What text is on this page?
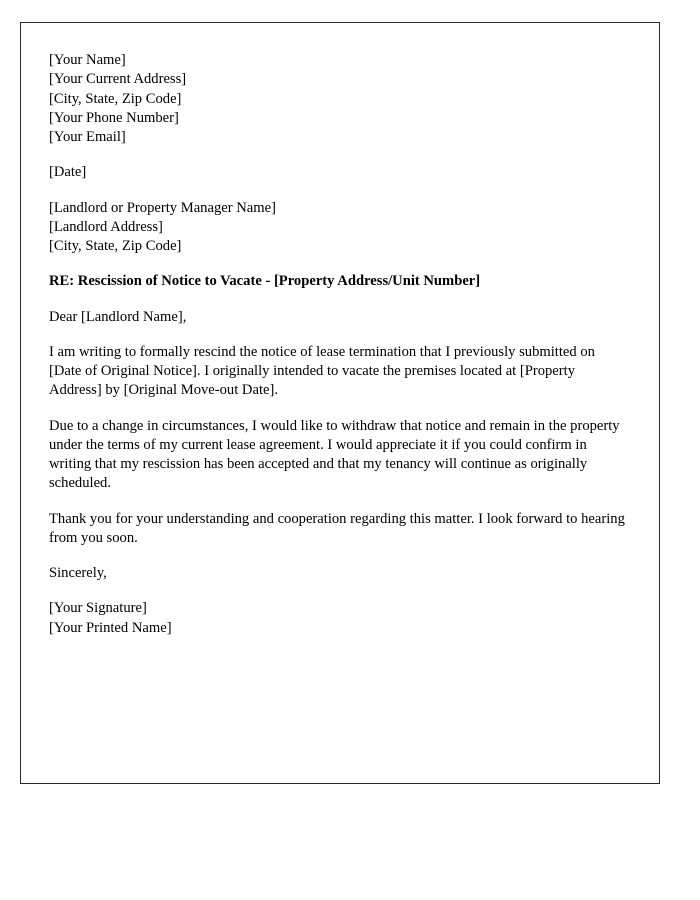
[Your Name]
[Your Current Address]
[City, State, Zip Code]
[Your Phone Number]
[Your Email]
[Date]
[Landlord or Property Manager Name]
[Landlord Address]
[City, State, Zip Code]
RE: Rescission of Notice to Vacate - [Property Address/Unit Number]
Dear [Landlord Name],
I am writing to formally rescind the notice of lease termination that I previously submitted on [Date of Original Notice]. I originally intended to vacate the premises located at [Property Address] by [Original Move-out Date].
Due to a change in circumstances, I would like to withdraw that notice and remain in the property under the terms of my current lease agreement. I would appreciate it if you could confirm in writing that my rescission has been accepted and that my tenancy will continue as originally scheduled.
Thank you for your understanding and cooperation regarding this matter. I look forward to hearing from you soon.
Sincerely,
[Your Signature]
[Your Printed Name]
